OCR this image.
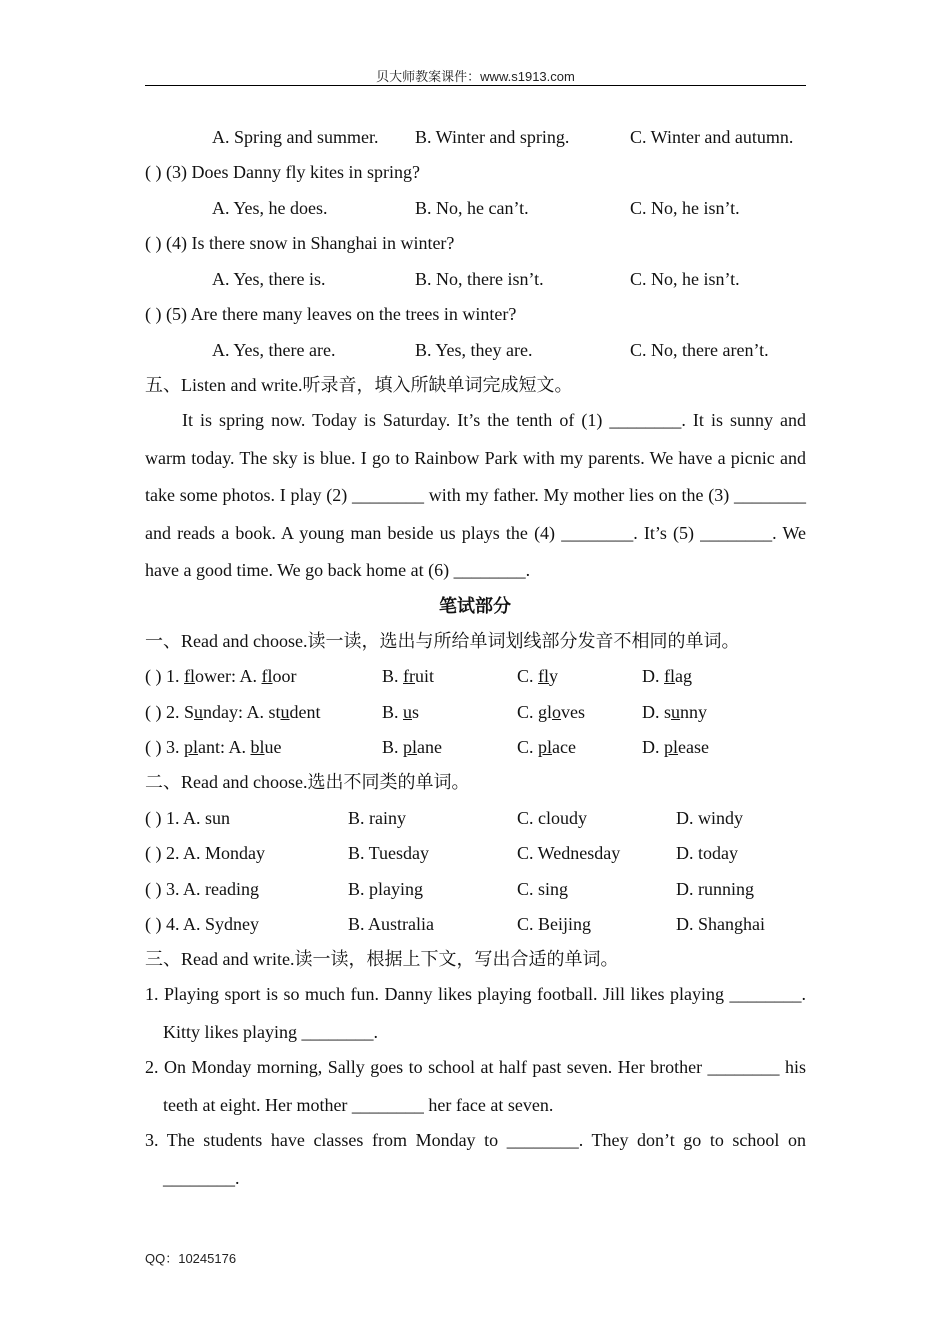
贝大师教案课件：www.s1913.com
A. Spring and summer. B. Winter and spring.	C. Winter and autumn.
( ) (3) Does Danny fly kites in spring?
A. Yes, he does.	B. No, he can’t.	C. No, he isn’t.
( ) (4) Is there snow in Shanghai in winter?
A. Yes, there is.	B. No, there isn’t.	C. No, he isn’t.
( ) (5) Are there many leaves on the trees in winter?
A. Yes, there are.	B. Yes, they are.	C. No, there aren’t.
五、Listen and write.听录音，填入所缺单词完成短文。
It is spring now. Today is Saturday. It’s the tenth of (1) ________. It is sunny and warm today. The sky is blue. I go to Rainbow Park with my parents. We have a picnic and take some photos. I play (2) ________ with my father. My mother lies on the (3) ________ and reads a book. A young man beside us plays the (4) ________. It’s (5) ________. We have a good time. We go back home at (6) ________.
笔试部分
一、Read and choose.读一读，选出与所给单词划线部分发音不相同的单词。
( ) 1. flower: A. floor	B. fruit	C. fly	D. flag
( ) 2. Sunday: A. student	B. us	C. gloves	D. sunny
( ) 3. plant: A. blue	B. plane	C. place	D. please
二、Read and choose.选出不同类的单词。
( ) 1. A. sun	B. rainy	C. cloudy	D. windy
( ) 2. A. Monday	B. Tuesday	C. Wednesday	D. today
( ) 3. A. reading	B. playing	C. sing	D. running
( ) 4. A. Sydney	B. Australia	C. Beijing	D. Shanghai
三、Read and write.读一读，根据上下文，写出合适的单词。
1. Playing sport is so much fun. Danny likes playing football. Jill likes playing ________. Kitty likes playing ________.
2. On Monday morning, Sally goes to school at half past seven. Her brother ________ his teeth at eight. Her mother ________ her face at seven.
3. The students have classes from Monday to ________. They don’t go to school on ________.
QQ：10245176
